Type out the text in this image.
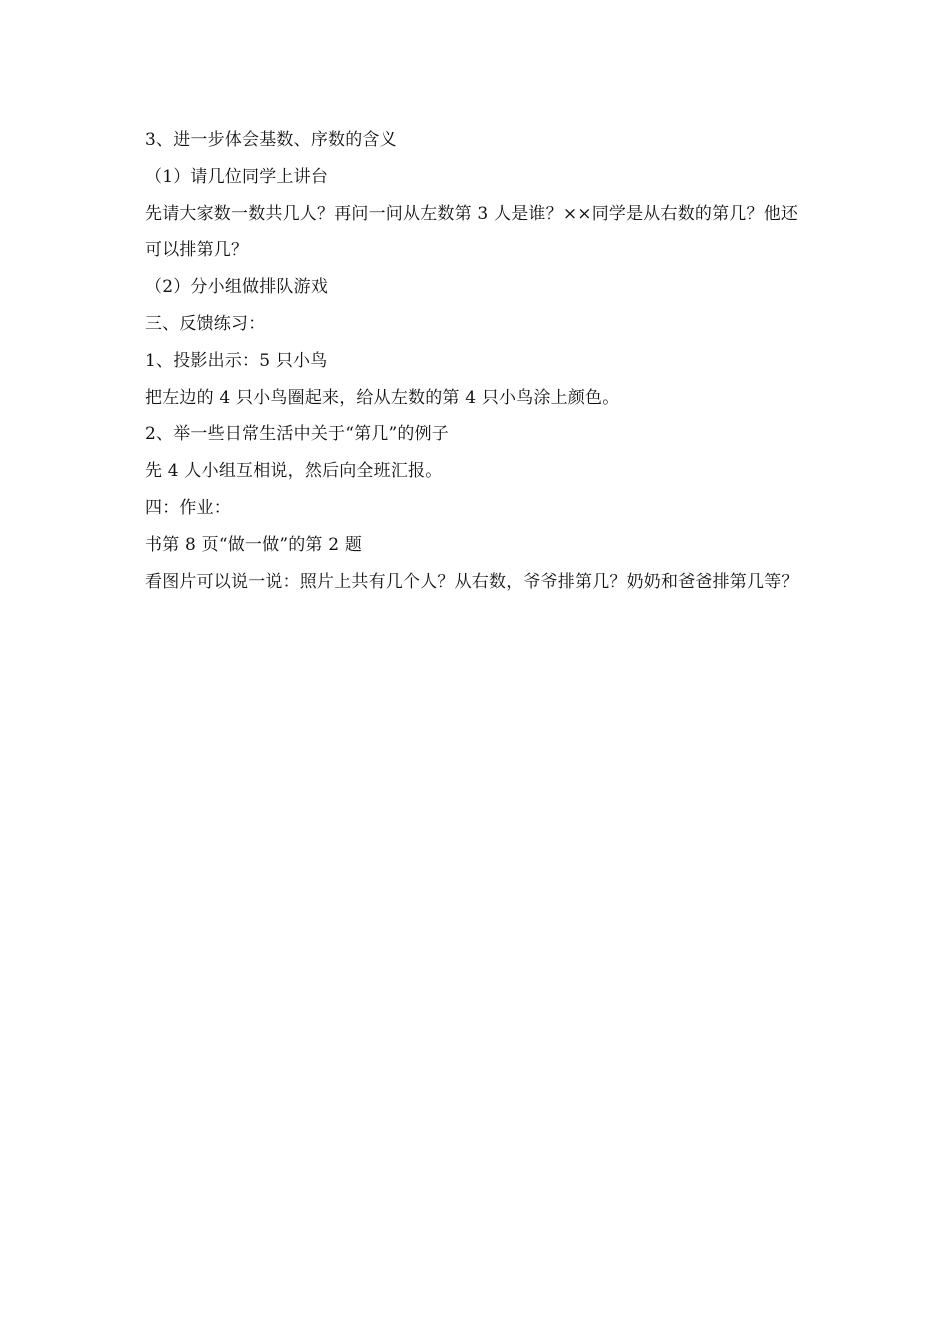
3、进一步体会基数、序数的含义
（1）请几位同学上讲台
先请大家数一数共几人？再问一问从左数第 3 人是谁？××同学是从右数的第几？他还可以排第几？
（2）分小组做排队游戏
三、反馈练习：
1、投影出示：5 只小鸟
把左边的 4 只小鸟圈起来，给从左数的第 4 只小鸟涂上颜色。
2、举一些日常生活中关于“第几”的例子
先 4 人小组互相说，然后向全班汇报。
四：作业：
书第 8 页“做一做”的第 2 题
看图片可以说一说：照片上共有几个人？从右数，爷爷排第几？奶奶和爸爸排第几等？
